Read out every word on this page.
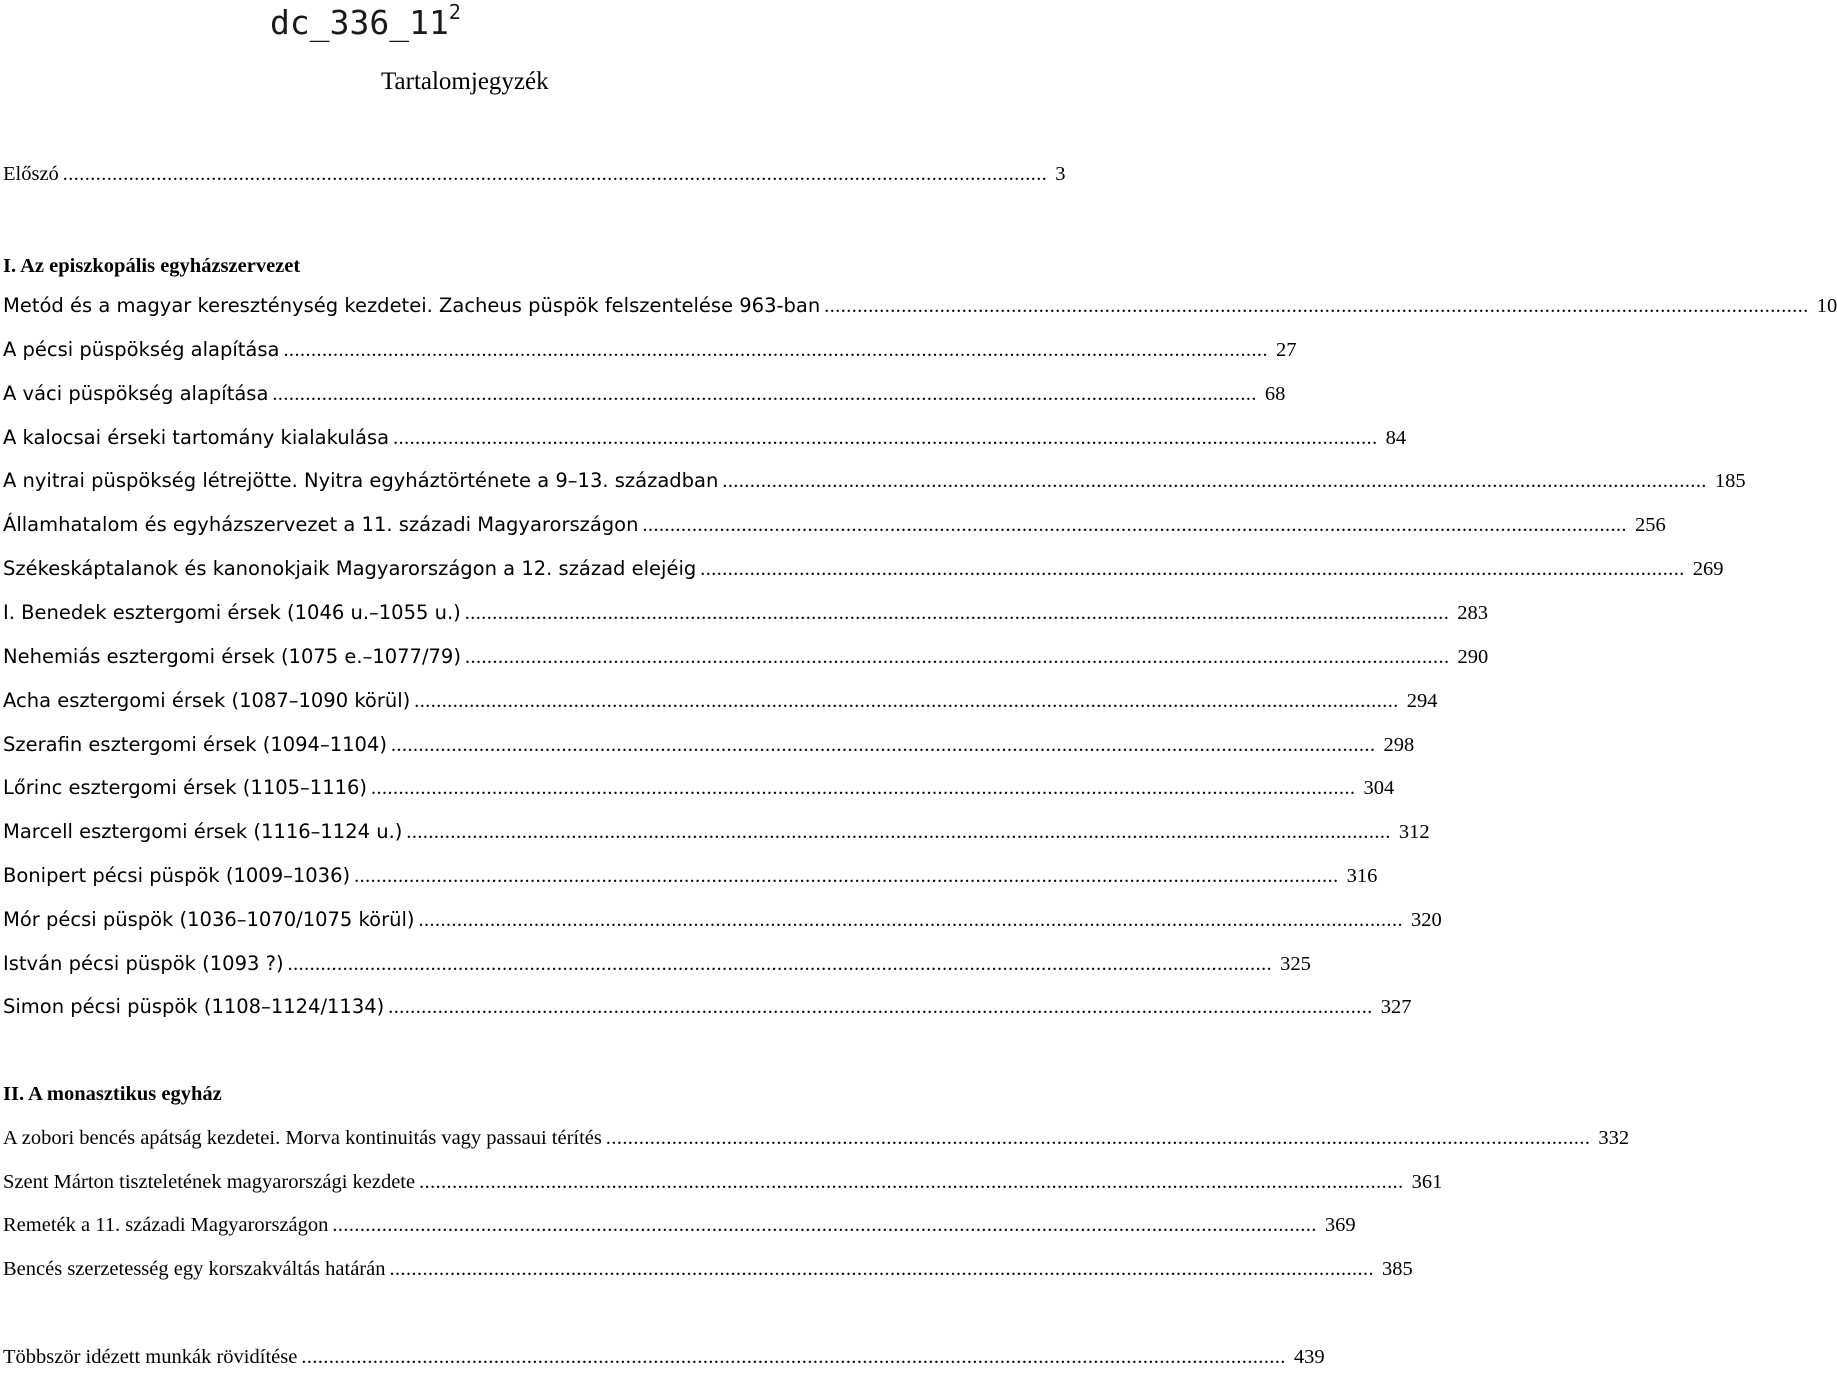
$dc\_336\_11^2$
Tartalomjegyzék
Előszó ................................................................................................................................................................................... 3
I. Az episzkopális egyházszervezet
Metód és a magyar kereszténység kezdetei. Zacheus püspök felszentelése 963-ban ................................................................................................................................................................................... 10
A pécsi püspökség alapítása ................................................................................................................................................................................... 27
A váci püspökség alapítása ................................................................................................................................................................................... 68
A kalocsai érseki tartomány kialakulása ................................................................................................................................................................................... 84
A nyitrai püspökség létrejötte. Nyitra egyháztörténete a 9–13. században ................................................................................................................................................................................... 185
Államhatalom és egyházszervezet a 11. századi Magyarországon ................................................................................................................................................................................... 256
Székeskáptalanok és kanonokjaik Magyarországon a 12. század elejéig ................................................................................................................................................................................... 269
I. Benedek esztergomi érsek (1046 u.–1055 u.) ................................................................................................................................................................................... 283
Nehemiás esztergomi érsek (1075 e.–1077/79) ................................................................................................................................................................................... 290
Acha esztergomi érsek (1087–1090 körül) ................................................................................................................................................................................... 294
Szerafin esztergomi érsek (1094–1104) ................................................................................................................................................................................... 298
Lőrinc esztergomi érsek (1105–1116) ................................................................................................................................................................................... 304
Marcell esztergomi érsek (1116–1124 u.) ................................................................................................................................................................................... 312
Bonipert pécsi püspök (1009–1036) ................................................................................................................................................................................... 316
Mór pécsi püspök (1036–1070/1075 körül) ................................................................................................................................................................................... 320
István pécsi püspök (1093 ?) ................................................................................................................................................................................... 325
Simon pécsi püspök (1108–1124/1134) ................................................................................................................................................................................... 327
II. A monasztikus egyház
A zobori bencés apátság kezdetei. Morva kontinuitás vagy passaui térítés ................................................................................................................................................................................... 332
Szent Márton tiszteletének magyarországi kezdete ................................................................................................................................................................................... 361
Remeték a 11. századi Magyarországon ................................................................................................................................................................................... 369
Bencés szerzetesség egy korszakváltás határán ................................................................................................................................................................................... 385
Többször idézett munkák rövidítése ................................................................................................................................................................................... 439
